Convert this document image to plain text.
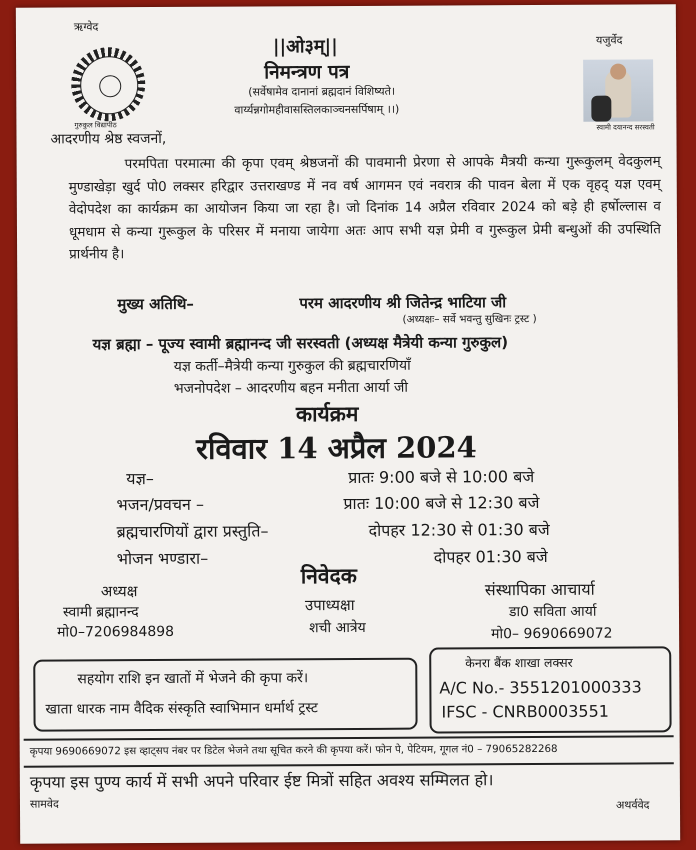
ऋग्वेद
यजुर्वेद
गुरुकुल विद्यापीठ	स्वामी दयानन्द सरस्वती
||ओ३म्||
निमन्त्रण पत्र
(सर्वेषामेव दानानां ब्रह्मदानं विशिष्यते।
वार्य्यन्नगोमहीवासस्तिलकाञ्चनसर्पिषाम् ।।)
आदरणीय श्रेष्ठ स्वजनों,

परमपिता परमात्मा की कृपा एवम् श्रेष्ठजनों की पावमानी प्रेरणा से आपके मैत्रयी कन्या गुरूकुलम् वेदकुलम् मुण्डाखेड़ा खुर्द पो0 लक्सर हरिद्वार उत्तराखण्ड में नव वर्ष आगमन एवं नवरात्र की पावन बेला में एक वृहद् यज्ञ एवम् वेदोपदेश का कार्यक्रम का आयोजन किया जा रहा है। जो दिनांक 14 अप्रैल रविवार 2024 को बड़े ही हर्षोल्लास व धूमधाम से कन्या गुरूकुल के परिसर में मनाया जायेगा अतः आप सभी यज्ञ प्रेमी व गुरूकुल प्रेमी बन्धुओं की उपस्थिति प्रार्थनीय है।

मुख्य अतिथि–	परम आदरणीय श्री जितेन्द्र भाटिया जी
(अध्यक्षः– सर्वे भवन्तु सुखिनः ट्रस्ट )
यज्ञ ब्रह्मा – पूज्य स्वामी ब्रह्मानन्द जी सरस्वती (अध्यक्ष मैत्रेयी कन्या गुरुकुल)
यज्ञ कर्ती–मैत्रेयी कन्या गुरुकुल की ब्रह्मचारणियाँ
भजनोपदेश – आदरणीय बहन मनीता आर्या जी
कार्यक्रम
रविवार 14 अप्रैल 2024
यज्ञ–	प्रातः 9:00 बजे से 10:00 बजे
भजन/प्रवचन –	प्रातः 10:00 बजे से 12:30 बजे
ब्रह्मचारणियों द्वारा प्रस्तुति–	दोपहर 12:30 से 01:30 बजे
भोजन भण्डारा–	दोपहर 01:30 बजे
निवेदक
अध्यक्ष
स्वामी ब्रह्मानन्द
मो0–7206984898
उपाध्यक्षा
शची आत्रेय
संस्थापिका आचार्या
डा0 सविता आर्या
मो0– 9690669072
सहयोग राशि इन खातों में भेजने की कृपा करें।
खाता धारक नाम वैदिक संस्कृति स्वाभिमान धर्मार्थ ट्रस्ट
केनरा बैंक शाखा लक्सर
A/C No.- 3551201000333
IFSC - CNRB0003551
कृपया 9690669072 इस व्हाट्सप नंबर पर डिटेल भेजने तथा सूचित करने की कृपया करें। फोन पे, पेटियम, गूगल नं0 – 79065282268
कृपया इस पुण्य कार्य में सभी अपने परिवार ईष्ट मित्रों सहित अवश्य सम्मिलत हो।
सामवेद	अथर्ववेद
